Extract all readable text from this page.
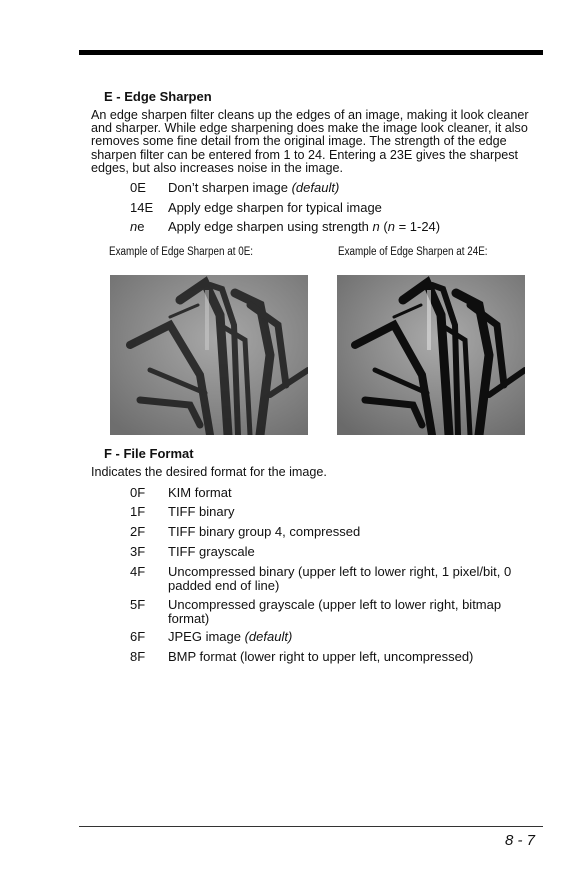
E - Edge Sharpen
An edge sharpen filter cleans up the edges of an image, making it look cleaner and sharper. While edge sharpening does make the image look cleaner, it also removes some fine detail from the original image. The strength of the edge sharpen filter can be entered from 1 to 24. Entering a 23E gives the sharpest edges, but also increases noise in the image.
0E Don’t sharpen image (default)
14E Apply edge sharpen for typical image
ne Apply edge sharpen using strength n (n = 1-24)
Example of Edge Sharpen at 0E:	Example of Edge Sharpen at 24E:
F - File Format
Indicates the desired format for the image.
0F KIM format
1F TIFF binary
2F TIFF binary group 4, compressed
3F TIFF grayscale
4F Uncompressed binary (upper left to lower right, 1 pixel/bit, 0 padded end of line)
5F Uncompressed grayscale (upper left to lower right, bitmap format)
6F JPEG image (default)
8F BMP format (lower right to upper left, uncompressed)
8 - 7
